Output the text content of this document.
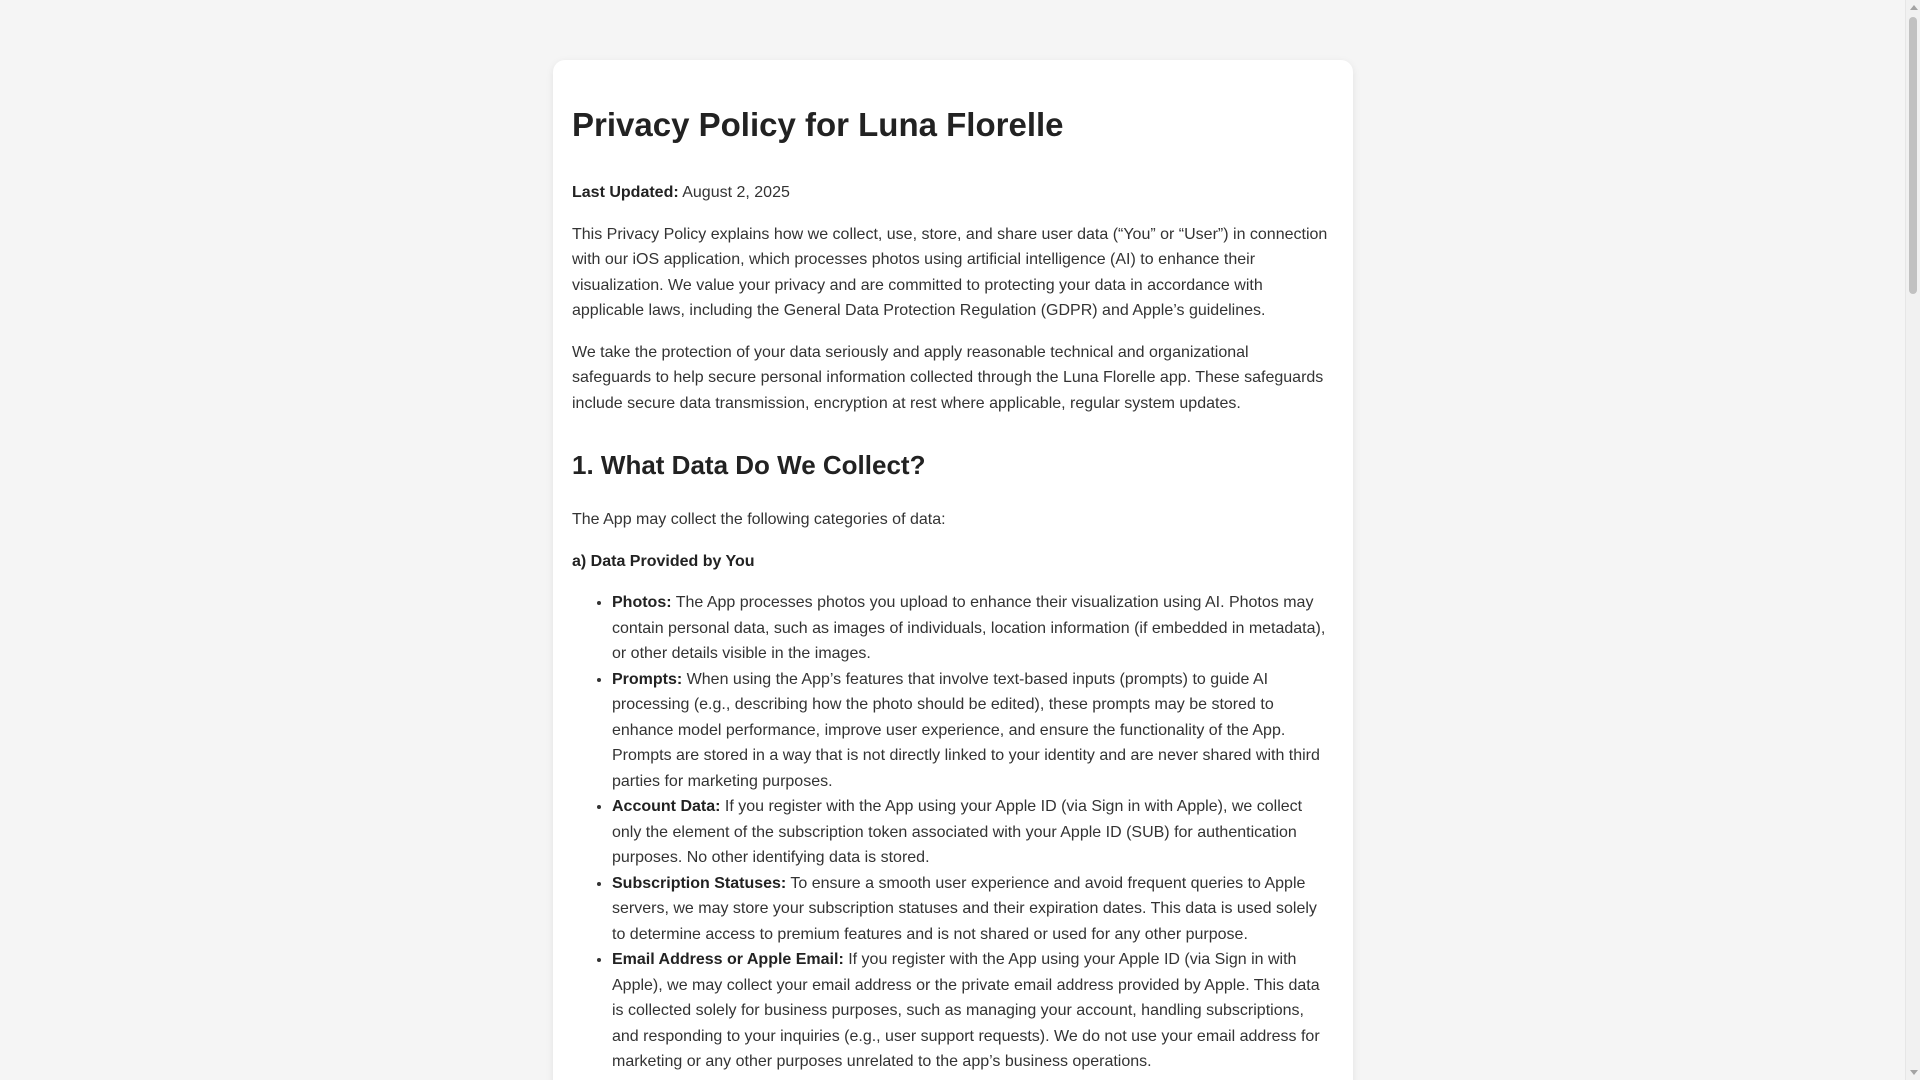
Privacy Policy for Luna Florelle

Last Updated: August 2, 2025

This Privacy Policy explains how we collect, use, store, and share user data (“You” or “User”) in connection with our iOS application, which processes photos using artificial intelligence (AI) to enhance their visualization. We value your privacy and are committed to protecting your data in accordance with applicable laws, including the General Data Protection Regulation (GDPR) and Apple’s guidelines.

We take the protection of your data seriously and apply reasonable technical and organizational safeguards to help secure personal information collected through the Luna Florelle app. These safeguards include secure data transmission, encryption at rest where applicable, regular system updates.

1. What Data Do We Collect?

The App may collect the following categories of data:

a) Data Provided by You

• Photos: The App processes photos you upload to enhance their visualization using AI. Photos may contain personal data, such as images of individuals, location information (if embedded in metadata), or other details visible in the images.
• Prompts: When using the App’s features that involve text-based inputs (prompts) to guide AI processing (e.g., describing how the photo should be edited), these prompts may be stored to enhance model performance, improve user experience, and ensure the functionality of the App. Prompts are stored in a way that is not directly linked to your identity and are never shared with third parties for marketing purposes.
• Account Data: If you register with the App using your Apple ID (via Sign in with Apple), we collect only the element of the subscription token associated with your Apple ID (SUB) for authentication purposes. No other identifying data is stored.
• Subscription Statuses: To ensure a smooth user experience and avoid frequent queries to Apple servers, we may store your subscription statuses and their expiration dates. This data is used solely to determine access to premium features and is not shared or used for any other purpose.
• Email Address or Apple Email: If you register with the App using your Apple ID (via Sign in with Apple), we may collect your email address or the private email address provided by Apple. This data is collected solely for business purposes, such as managing your account, handling subscriptions, and responding to your inquiries (e.g., user support requests). We do not use your email address for marketing or any other purposes unrelated to the app’s business operations.
